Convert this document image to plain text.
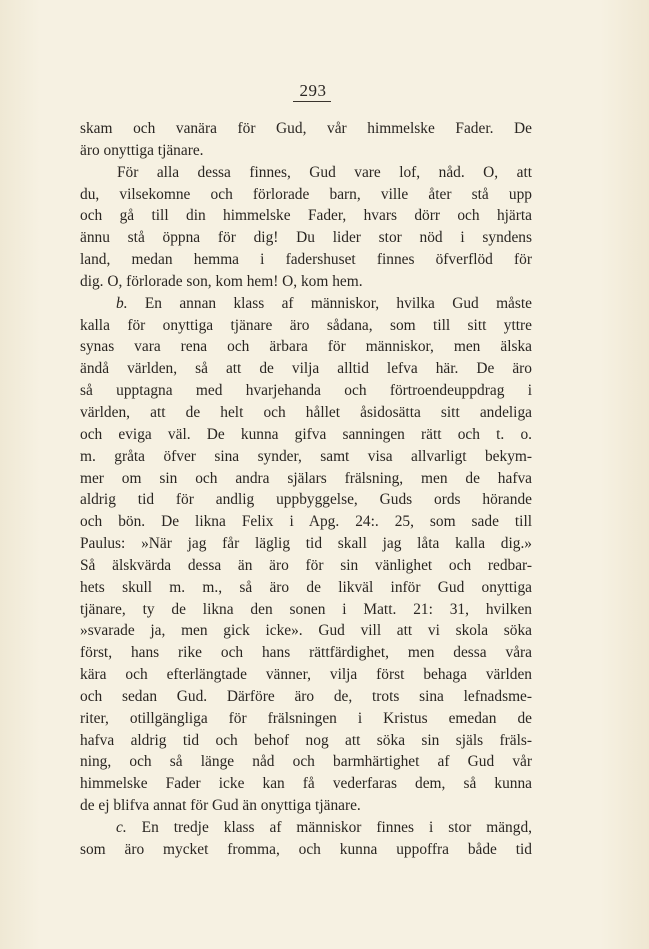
293
skam och vanära för Gud, vår himmelske Fader. De
äro onyttiga tjänare.
För alla dessa finnes, Gud vare lof, nåd. O, att
du, vilsekomne och förlorade barn, ville åter stå upp
och gå till din himmelske Fader, hvars dörr och hjärta
ännu stå öppna för dig! Du lider stor nöd i syndens
land, medan hemma i fadershuset finnes öfverflöd för
dig. O, förlorade son, kom hem! O, kom hem.
b. En annan klass af människor, hvilka Gud måste
kalla för onyttiga tjänare äro sådana, som till sitt yttre
synas vara rena och ärbara för människor, men älska
ändå världen, så att de vilja alltid lefva här. De äro
så upptagna med hvarjehanda och förtroendeuppdrag i
världen, att de helt och hållet åsidosätta sitt andeliga
och eviga väl. De kunna gifva sanningen rätt och t. o.
m. gråta öfver sina synder, samt visa allvarligt bekym-
mer om sin och andra själars frälsning, men de hafva
aldrig tid för andlig uppbyggelse, Guds ords hörande
och bön. De likna Felix i Apg. 24:. 25, som sade till
Paulus: »När jag får läglig tid skall jag låta kalla dig.»
Så älskvärda dessa än äro för sin vänlighet och redbar-
hets skull m. m., så äro de likväl inför Gud onyttiga
tjänare, ty de likna den sonen i Matt. 21: 31, hvilken
»svarade ja, men gick icke». Gud vill att vi skola söka
först, hans rike och hans rättfärdighet, men dessa våra
kära och efterlängtade vänner, vilja först behaga världen
och sedan Gud. Därföre äro de, trots sina lefnadsme-
riter, otillgängliga för frälsningen i Kristus emedan de
hafva aldrig tid och behof nog att söka sin själs fräls-
ning, och så länge nåd och barmhärtighet af Gud vår
himmelske Fader icke kan få vederfaras dem, så kunna
de ej blifva annat för Gud än onyttiga tjänare.
c. En tredje klass af människor finnes i stor mängd,
som äro mycket fromma, och kunna uppoffra både tid
